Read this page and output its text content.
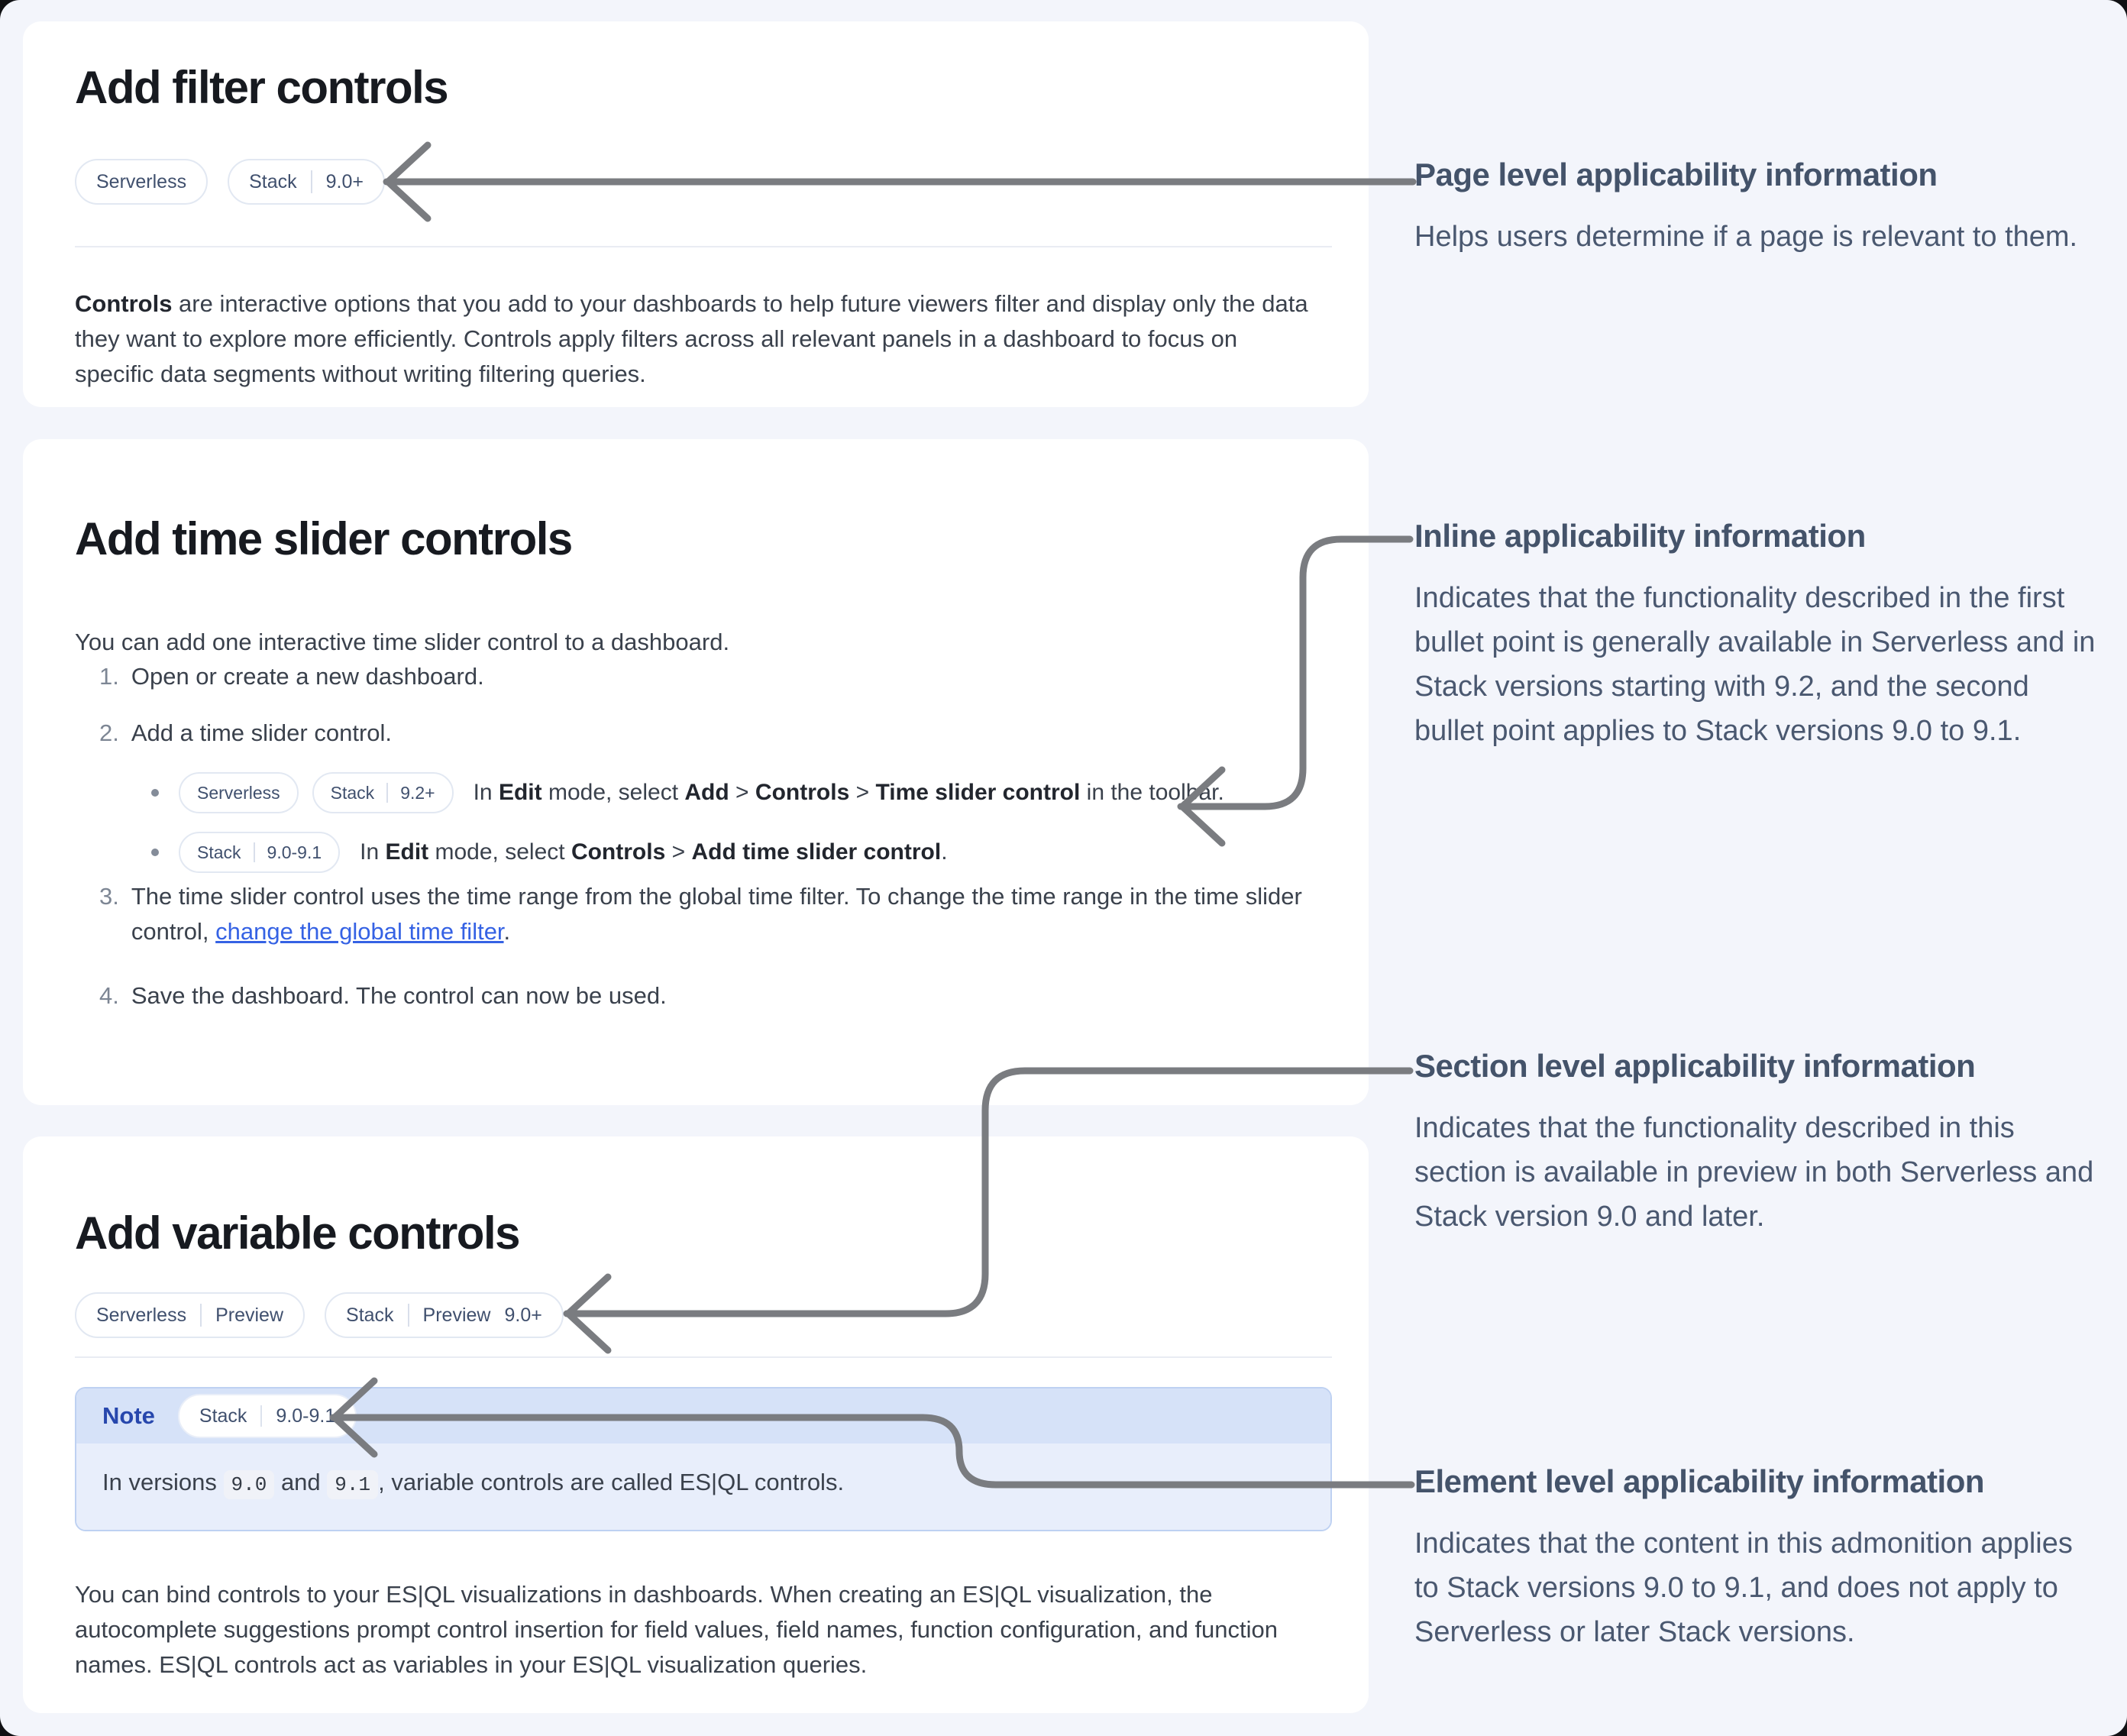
Add filter controls
Serverless	Stack 9.0+

Controls are interactive options that you add to your dashboards to help future viewers filter and display only the data they want to explore more efficiently. Controls apply filters across all relevant panels in a dashboard to focus on specific data segments without writing filtering queries.

Add time slider controls

You can add one interactive time slider control to a dashboard.

1. Open or create a new dashboard.
2. Add a time slider control.
Serverless	Stack 9.2+ In Edit mode, select Add > Controls > Time slider control in the toolbar.
Stack 9.0-9.1 In Edit mode, select Controls > Add time slider control.
3. The time slider control uses the time range from the global time filter. To change the time range in the time slider control, change the global time filter.
4. Save the dashboard. The control can now be used.
Add variable controls
Serverless Preview	Stack Preview 9.0+
Note Stack 9.0-9.1
In versions 9.0 and 9.1 , variable controls are called ES|QL controls.

You can bind controls to your ES|QL visualizations in dashboards. When creating an ES|QL visualization, the autocomplete suggestions prompt control insertion for field values, field names, function configuration, and function names. ES|QL controls act as variables in your ES|QL visualization queries.

Page level applicability information

Helps users determine if a page is relevant to them.

Inline applicability information

Indicates that the functionality described in the first bullet point is generally available in Serverless and in Stack versions starting with 9.2, and the second bullet point applies to Stack versions 9.0 to 9.1.

Section level applicability information

Indicates that the functionality described in this section is available in preview in both Serverless and Stack version 9.0 and later.

Element level applicability information

Indicates that the content in this admonition applies to Stack versions 9.0 to 9.1, and does not apply to Serverless or later Stack versions.
